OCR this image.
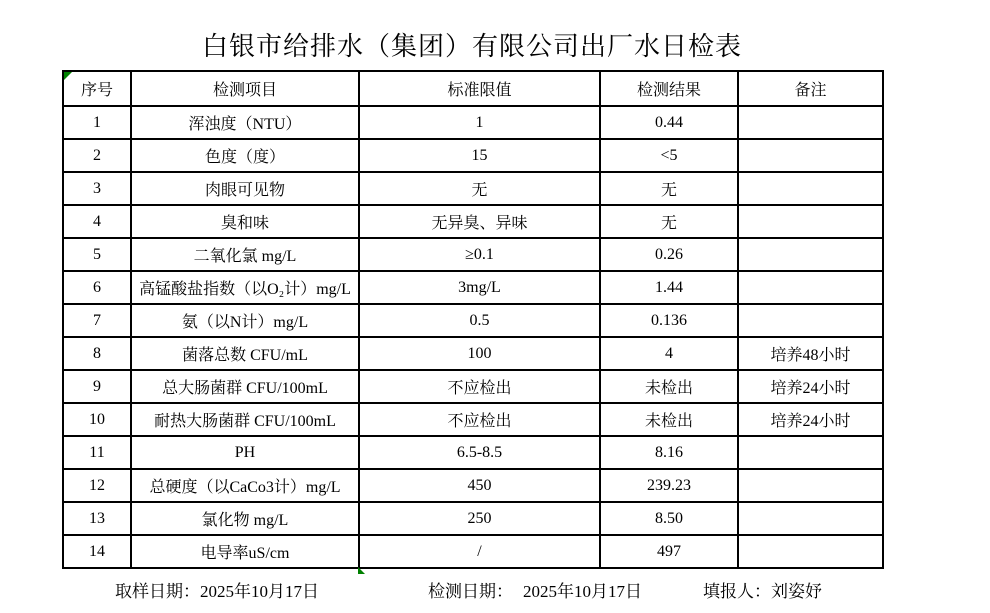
白银市给排水（集团）有限公司出厂水日检表
序号	检测项目	标准限值	检测结果	备注
1	浑浊度（NTU）	1	0.44	
2	色度（度）	15	<5	
3	肉眼可见物	无	无	
4	臭和味	无异臭、异味	无	
5	二氧化氯 mg/L	≥0.1	0.26	
6	高锰酸盐指数（以O₂计）mg/L	3mg/L	1.44	
7	氨（以N计）mg/L	0.5	0.136	
8	菌落总数 CFU/mL	100	4	培养48小时
9	总大肠菌群 CFU/100mL	不应检出	未检出	培养24小时
10	耐热大肠菌群 CFU/100mL	不应检出	未检出	培养24小时
11	PH	6.5-8.5	8.16	
12	总硬度（以CaCo3计）mg/L	450	239.23	
13	氯化物 mg/L	250	8.50	
14	电导率uS/cm	/	497	
取样日期：2025年10月17日	检测日期： 2025年10月17日	填报人：刘姿妤
